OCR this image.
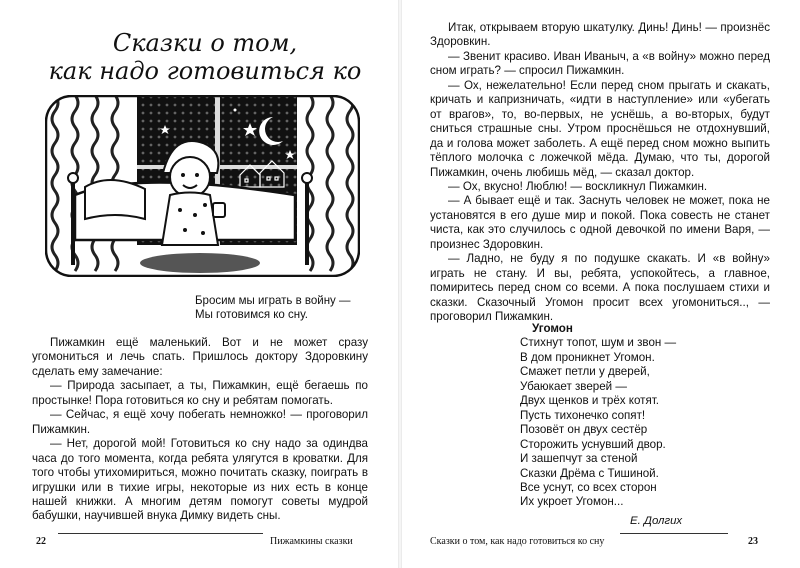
Сказки о том,
как надо готовиться ко
Бросим мы играть в войну —
Мы готовимся ко сну.

Пижамкин ещё маленький. Вот и не может сразу угомониться и лечь спать. Пришлось доктору Здоровкину сделать ему замечание:

— Природа засыпает, а ты, Пижамкин, ещё бегаешь по простынке! Пора готовиться ко сну и ребятам помогать.

— Сейчас, я ещё хочу побегать немножко! — проговорил Пижамкин.

— Нет, дорогой мой! Готовиться ко сну надо за одиндва часа до того момента, когда ребята улягутся в кроватки. Для того чтобы утихомириться, можно почитать сказку, поиграть в игрушки или в тихие игры, некоторые из них есть в конце нашей книжки. А многим детям помогут советы мудрой бабушки, научившей внука Димку видеть сны.

22	Пижамкины сказки

Итак, открываем вторую шкатулку. Динь! Динь! — произнёс Здоровкин.

— Звенит красиво. Иван Иваныч, а «в войну» можно перед сном играть? — спросил Пижамкин.

— Ох, нежелательно! Если перед сном прыгать и скакать, кричать и капризничать, «идти в наступление» или «убегать от врагов», то, во-первых, не уснёшь, а во-вторых, будут сниться страшные сны. Утром проснёшься не отдохнувший, да и голова может заболеть. А ещё перед сном можно выпить тёплого молочка с ложечкой мёда. Думаю, что ты, дорогой Пижамкин, очень любишь мёд, — сказал доктор.

— Ох, вкусно! Люблю! — воскликнул Пижамкин.

— А бывает ещё и так. Заснуть человек не может, пока не установятся в его душе мир и покой. Пока совесть не станет чиста, как это случилось с одной девочкой по имени Варя, — произнес Здоровкин.

— Ладно, не буду я по подушке скакать. И «в войну» играть не стану. И вы, ребята, успокойтесь, а главное, помиритесь перед сном со всеми. А пока послушаем стихи и сказки. Сказочный Угомон просит всех угомониться.., — проговорил Пижамкин.

Угомон
Стихнут топот, шум и звон —
В дом проникнет Угомон.
Смажет петли у дверей,
Убаюкает зверей —
Двух щенков и трёх котят.
Пусть тихонечко сопят!
Позовёт он двух сестёр
Сторожить уснувший двор.
И зашепчут за стеной
Сказки Дрёма с Тишиной.
Все уснут, со всех сторон
Их укроет Угомон...
Е. Долгих
Сказки о том, как надо готовиться ко сну	23
